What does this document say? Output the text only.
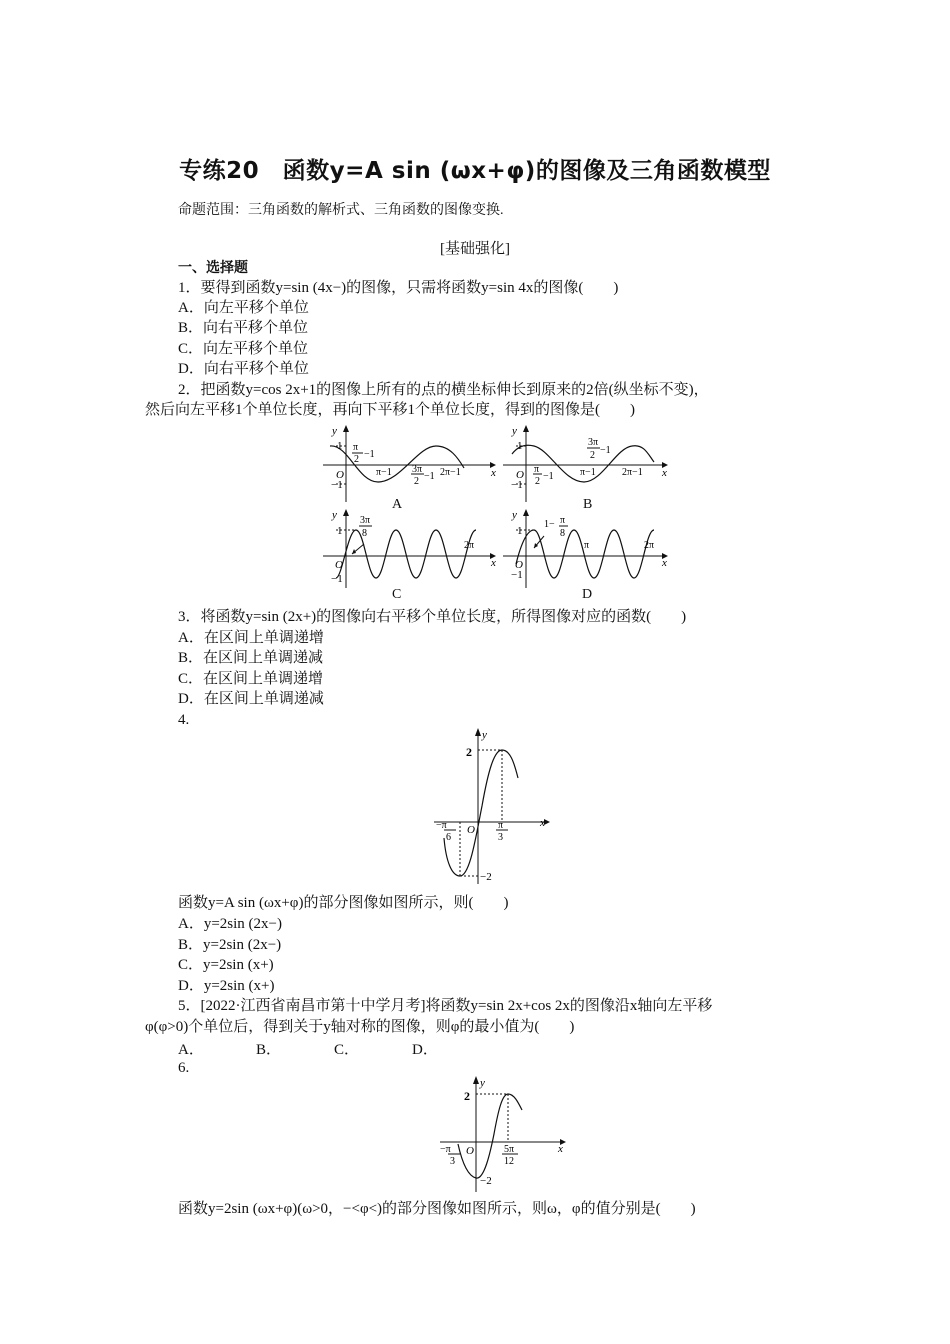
专练20　函数y=A sin (ωx+φ)的图像及三角函数模型
命题范围：三角函数的解析式、三角函数的图像变换.
[基础强化]
一、选择题
1．要得到函数y=sin (4x−)的图像，只需将函数y=sin 4x的图像(　　)
A．向左平移个单位
B．向右平移个单位
C．向左平移个单位
D．向右平移个单位
2．把函数y=cos 2x+1的图像上所有的点的横坐标伸长到原来的2倍(纵坐标不变)，
然后向左平移1个单位长度，再向下平移1个单位长度，得到的图像是(　　)
y
x
O
1
−1
π
2 −1
π−1 3π
2 −1 2π−1
A
y
x
O
1
−1
3π
2 −1
π
2 −1	π−1	2π−1
B
y
x
O
1
−1
3π
8
2π
C
y
x
O
1
−1
1− π
8
π	2π
D
3．将函数y=sin (2x+)的图像向右平移个单位长度，所得图像对应的函数(　　)
A．在区间上单调递增
B．在区间上单调递减
C．在区间上单调递增
D．在区间上单调递减
4.
y
x
O
2
−2
−π
6
π
3
函数y=A sin (ωx+φ)的部分图像如图所示，则(　　)
A．y=2sin (2x−)
B．y=2sin (2x−)
C．y=2sin (x+)
D．y=2sin (x+)
5．[2022·江西省南昌市第十中学月考]将函数y=sin 2x+cos 2x的图像沿x轴向左平移
φ(φ>0)个单位后，得到关于y轴对称的图像，则φ的最小值为(　　)
A．	B．	C．	D．
6.
y
x
O
2
−2
−π
3
5π
12
函数y=2sin (ωx+φ)(ω>0，−<φ<)的部分图像如图所示，则ω，φ的值分别是(　　)
